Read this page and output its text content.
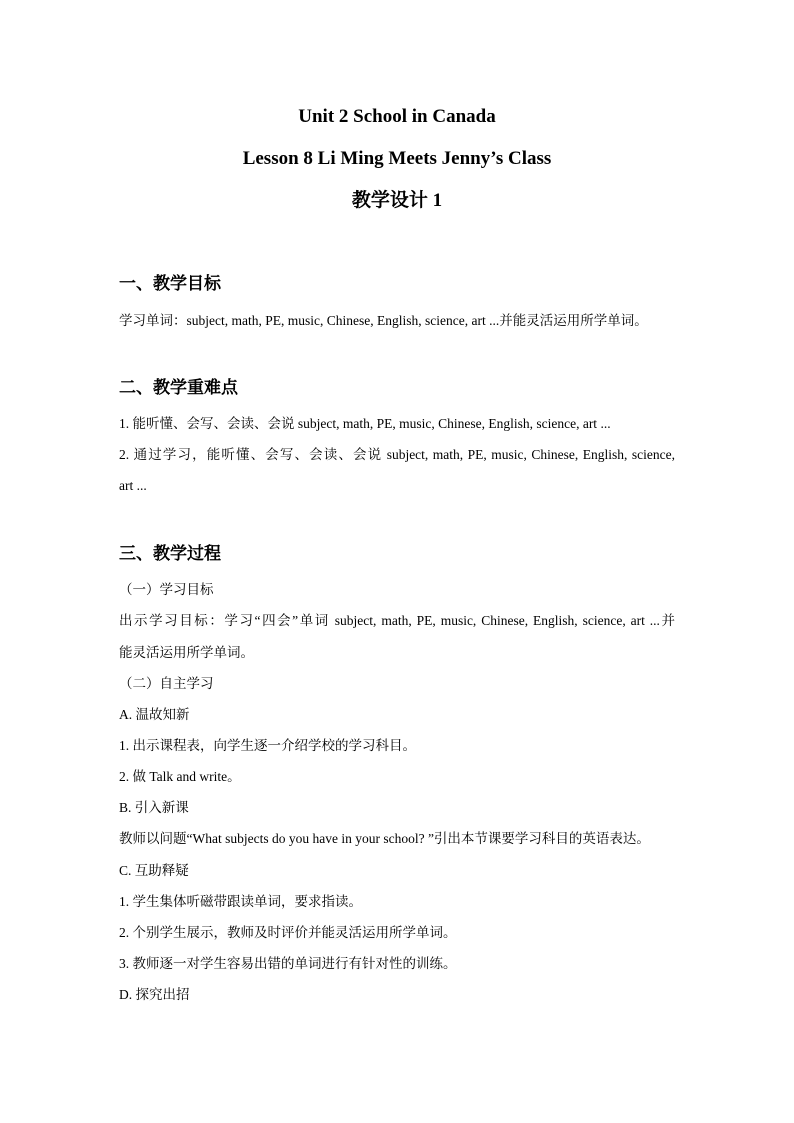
Unit 2 School in Canada
Lesson 8 Li Ming Meets Jenny’s Class
教学设计 1
一、教学目标
学习单词：subject, math, PE, music, Chinese, English, science, art ...并能灵活运用所学单词。
二、教学重难点
1. 能听懂、会写、会读、会说 subject, math, PE, music, Chinese, English, science, art ...
2. 通过学习，能听懂、会写、会读、会说 subject, math, PE, music, Chinese, English, science,
art ...
三、教学过程
（一）学习目标
出示学习目标：学习“四会”单词 subject, math, PE, music, Chinese, English, science, art ...并
能灵活运用所学单词。
（二）自主学习
A. 温故知新
1. 出示课程表，向学生逐一介绍学校的学习科目。
2. 做 Talk and write。
B. 引入新课
教师以问题“What subjects do you have in your school? ”引出本节课要学习科目的英语表达。
C. 互助释疑
1. 学生集体听磁带跟读单词，要求指读。
2. 个别学生展示，教师及时评价并能灵活运用所学单词。
3. 教师逐一对学生容易出错的单词进行有针对性的训练。
D. 探究出招
